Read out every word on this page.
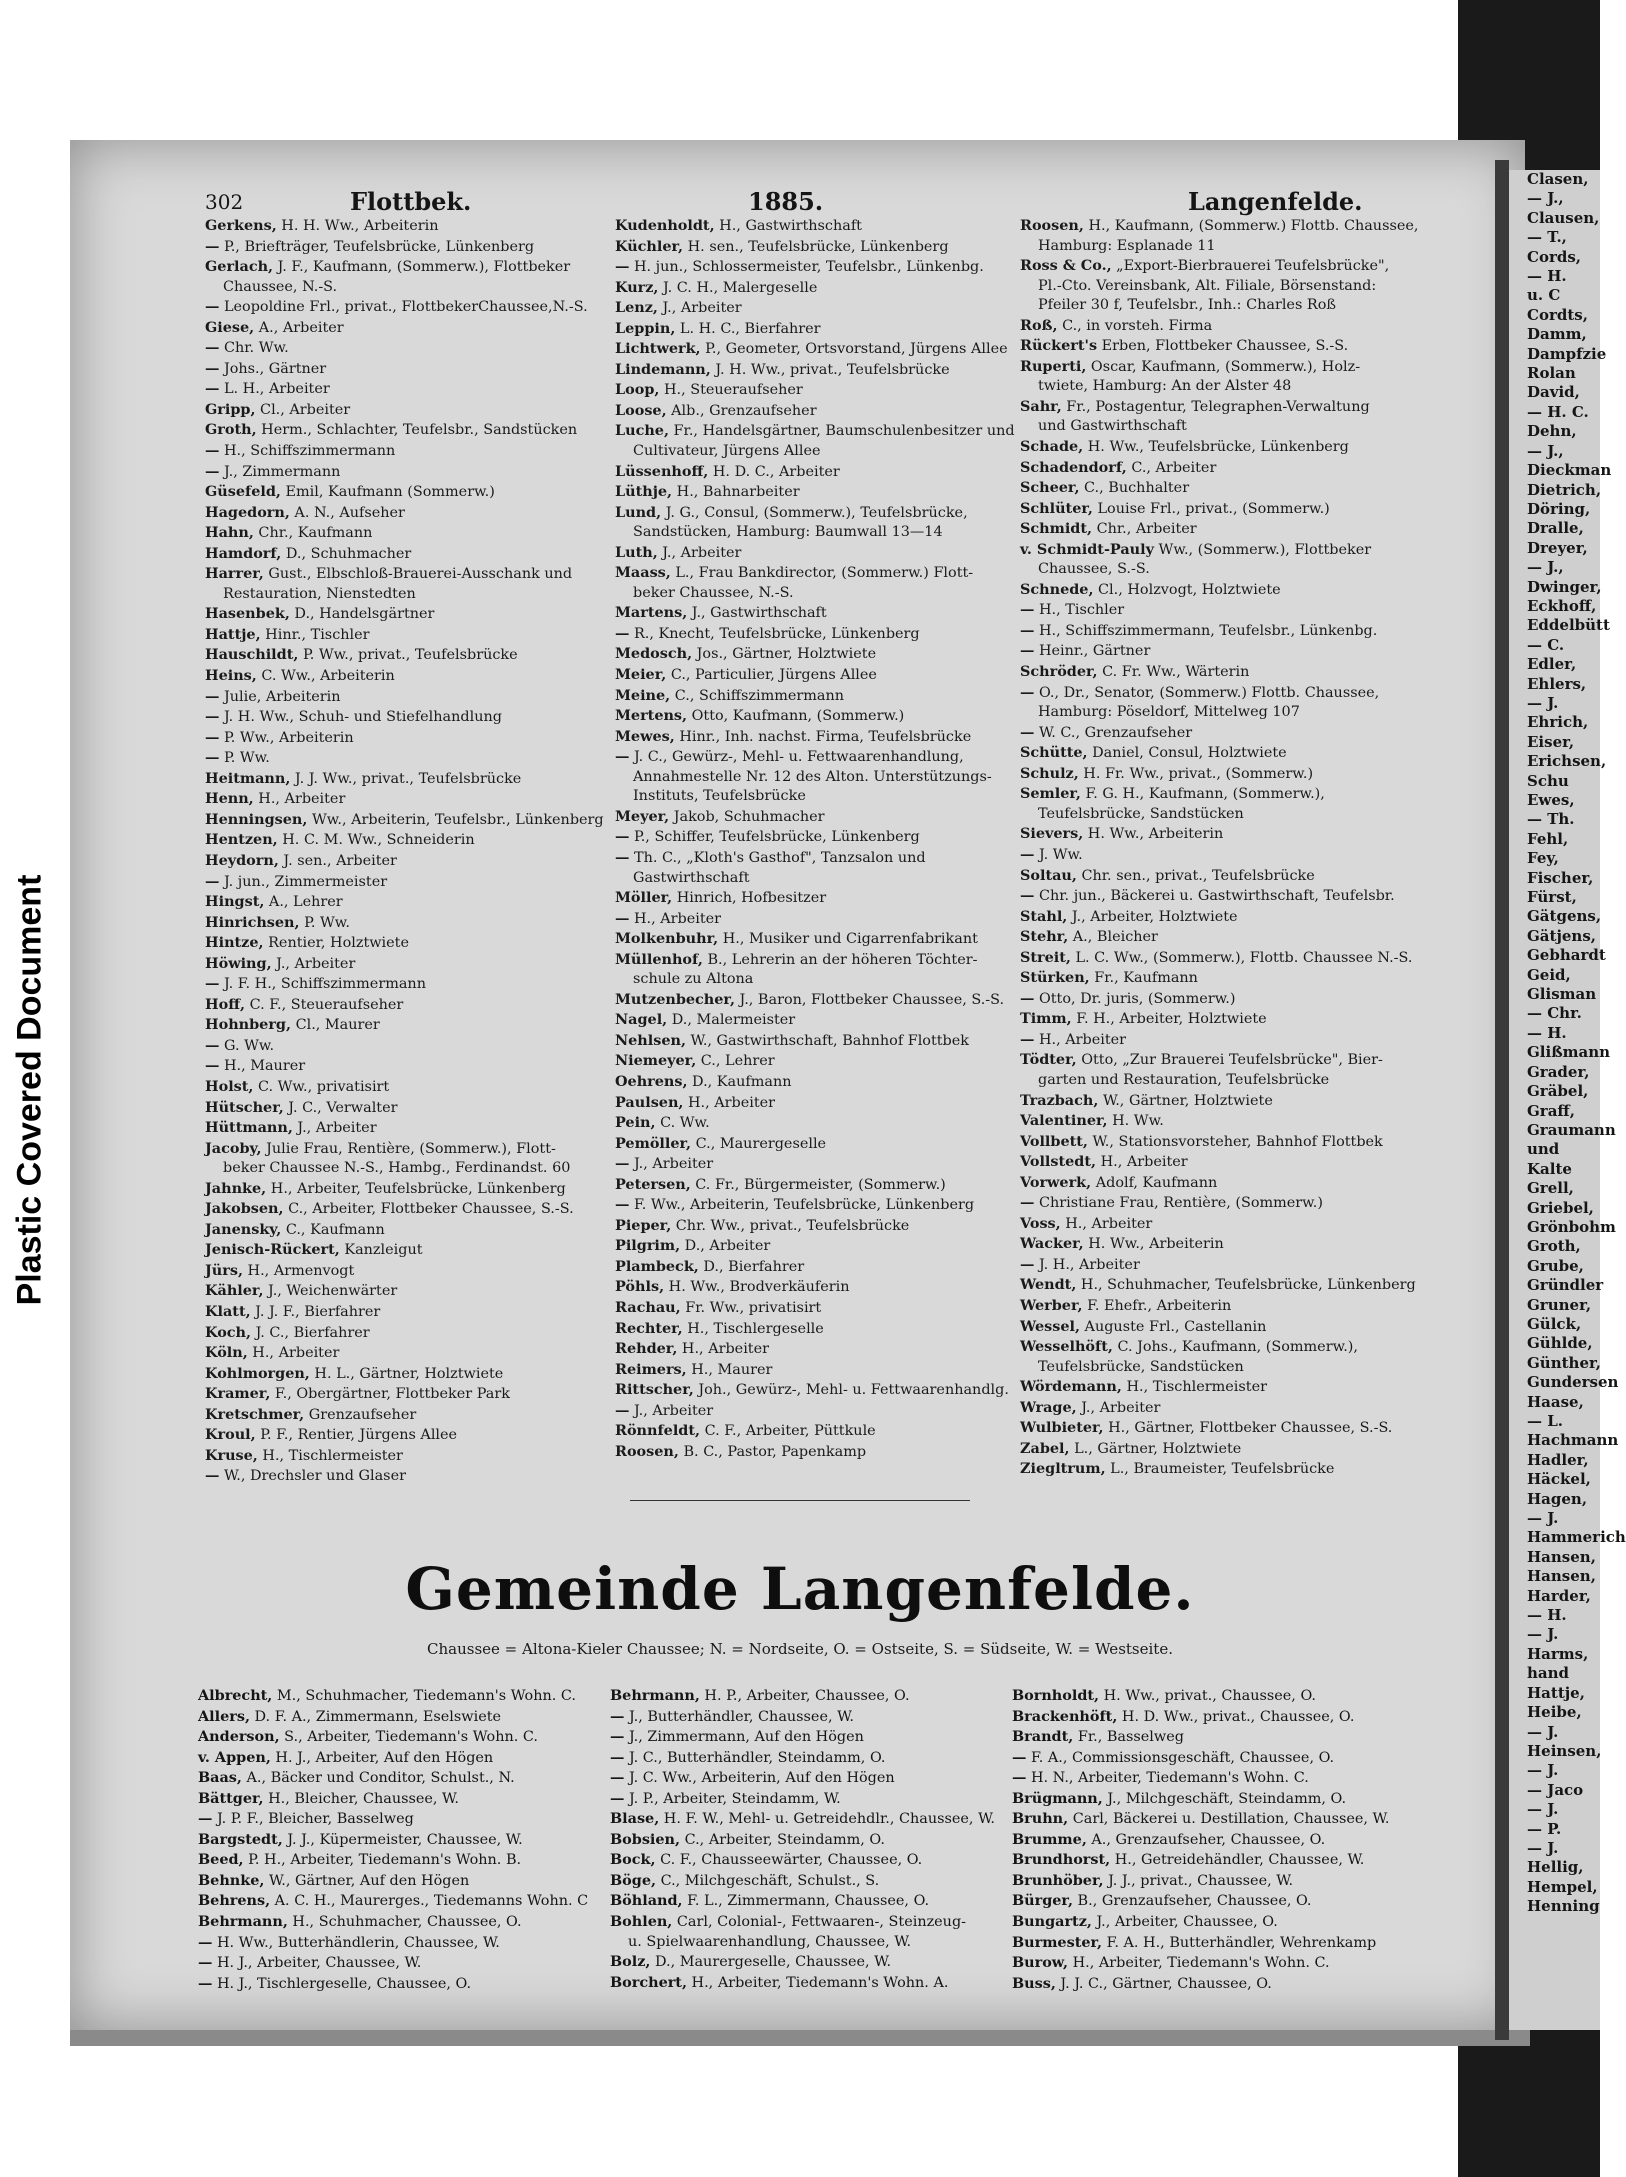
Plastic Covered Document
Clasen,
— J.,
Clausen,
— T.,
Cords,
— H.
u. C
Cordts,
Damm,
Dampfzie
Rolan
David,
— H. C.
Dehn,
— J.,
Dieckman
Dietrich,
Döring,
Dralle,
Dreyer,
— J.,
Dwinger,
Eckhoff,
Eddelbütt
— C.
Edler,
Ehlers,
— J.
Ehrich,
Eiser,
Erichsen,
Schu
Ewes,
— Th.
Fehl,
Fey,
Fischer,
Fürst,
Gätgens,
Gätjens,
Gebhardt
Geid,
Glisman
— Chr.
— H.
Glißmann
Grader,
Gräbel,
Graff,
Graumann
und
Kalte
Grell,
Griebel,
Grönbohm
Groth,
Grube,
Gründler
Gruner,
Gülck,
Gühlde,
Günther,
Gundersen
Haase,
— L.
Hachmann
Hadler,
Häckel,
Hagen,
— J.
Hammerich
Hansen,
Hansen,
Harder,
— H.
— J.
Harms,
hand
Hattje,
Heibe,
— J.
Heinsen,
— J.
— Jaco
— J.
— P.
— J.
Hellig,
Hempel,
Henning
302	Flottbek.	1885.	Langenfelde.
Gerkens, H. H. Ww., Arbeiterin
— P., Briefträger, Teufelsbrücke, Lünkenberg
Gerlach, J. F., Kaufmann, (Sommerw.), Flottbeker
Chaussee, N.-S.
— Leopoldine Frl., privat., FlottbekerChaussee,N.-S.
Giese, A., Arbeiter
— Chr. Ww.
— Johs., Gärtner
— L. H., Arbeiter
Gripp, Cl., Arbeiter
Groth, Herm., Schlachter, Teufelsbr., Sandstücken
— H., Schiffszimmermann
— J., Zimmermann
Güsefeld, Emil, Kaufmann (Sommerw.)
Hagedorn, A. N., Aufseher
Hahn, Chr., Kaufmann
Hamdorf, D., Schuhmacher
Harrer, Gust., Elbschloß-Brauerei-Ausschank und
Restauration, Nienstedten
Hasenbek, D., Handelsgärtner
Hattje, Hinr., Tischler
Hauschildt, P. Ww., privat., Teufelsbrücke
Heins, C. Ww., Arbeiterin
— Julie, Arbeiterin
— J. H. Ww., Schuh- und Stiefelhandlung
— P. Ww., Arbeiterin
— P. Ww.
Heitmann, J. J. Ww., privat., Teufelsbrücke
Henn, H., Arbeiter
Henningsen, Ww., Arbeiterin, Teufelsbr., Lünkenberg
Hentzen, H. C. M. Ww., Schneiderin
Heydorn, J. sen., Arbeiter
— J. jun., Zimmermeister
Hingst, A., Lehrer
Hinrichsen, P. Ww.
Hintze, Rentier, Holztwiete
Höwing, J., Arbeiter
— J. F. H., Schiffszimmermann
Hoff, C. F., Steueraufseher
Hohnberg, Cl., Maurer
— G. Ww.
— H., Maurer
Holst, C. Ww., privatisirt
Hütscher, J. C., Verwalter
Hüttmann, J., Arbeiter
Jacoby, Julie Frau, Rentière, (Sommerw.), Flott-
beker Chaussee N.-S., Hambg., Ferdinandst. 60
Jahnke, H., Arbeiter, Teufelsbrücke, Lünkenberg
Jakobsen, C., Arbeiter, Flottbeker Chaussee, S.-S.
Janensky, C., Kaufmann
Jenisch-Rückert, Kanzleigut
Jürs, H., Armenvogt
Kähler, J., Weichenwärter
Klatt, J. J. F., Bierfahrer
Koch, J. C., Bierfahrer
Köln, H., Arbeiter
Kohlmorgen, H. L., Gärtner, Holztwiete
Kramer, F., Obergärtner, Flottbeker Park
Kretschmer, Grenzaufseher
Kroul, P. F., Rentier, Jürgens Allee
Kruse, H., Tischlermeister
— W., Drechsler und Glaser
Kudenholdt, H., Gastwirthschaft
Küchler, H. sen., Teufelsbrücke, Lünkenberg
— H. jun., Schlossermeister, Teufelsbr., Lünkenbg.
Kurz, J. C. H., Malergeselle
Lenz, J., Arbeiter
Leppin, L. H. C., Bierfahrer
Lichtwerk, P., Geometer, Ortsvorstand, Jürgens Allee
Lindemann, J. H. Ww., privat., Teufelsbrücke
Loop, H., Steueraufseher
Loose, Alb., Grenzaufseher
Luche, Fr., Handelsgärtner, Baumschulenbesitzer und
Cultivateur, Jürgens Allee
Lüssenhoff, H. D. C., Arbeiter
Lüthje, H., Bahnarbeiter
Lund, J. G., Consul, (Sommerw.), Teufelsbrücke,
Sandstücken, Hamburg: Baumwall 13—14
Luth, J., Arbeiter
Maass, L., Frau Bankdirector, (Sommerw.) Flott-
beker Chaussee, N.-S.
Martens, J., Gastwirthschaft
— R., Knecht, Teufelsbrücke, Lünkenberg
Medosch, Jos., Gärtner, Holztwiete
Meier, C., Particulier, Jürgens Allee
Meine, C., Schiffszimmermann
Mertens, Otto, Kaufmann, (Sommerw.)
Mewes, Hinr., Inh. nachst. Firma, Teufelsbrücke
— J. C., Gewürz-, Mehl- u. Fettwaarenhandlung,
Annahmestelle Nr. 12 des Alton. Unterstützungs-
Instituts, Teufelsbrücke
Meyer, Jakob, Schuhmacher
— P., Schiffer, Teufelsbrücke, Lünkenberg
— Th. C., „Kloth's Gasthof", Tanzsalon und
Gastwirthschaft
Möller, Hinrich, Hofbesitzer
— H., Arbeiter
Molkenbuhr, H., Musiker und Cigarrenfabrikant
Müllenhof, B., Lehrerin an der höheren Töchter-
schule zu Altona
Mutzenbecher, J., Baron, Flottbeker Chaussee, S.-S.
Nagel, D., Malermeister
Nehlsen, W., Gastwirthschaft, Bahnhof Flottbek
Niemeyer, C., Lehrer
Oehrens, D., Kaufmann
Paulsen, H., Arbeiter
Pein, C. Ww.
Pemöller, C., Maurergeselle
— J., Arbeiter
Petersen, C. Fr., Bürgermeister, (Sommerw.)
— F. Ww., Arbeiterin, Teufelsbrücke, Lünkenberg
Pieper, Chr. Ww., privat., Teufelsbrücke
Pilgrim, D., Arbeiter
Plambeck, D., Bierfahrer
Pöhls, H. Ww., Brodverkäuferin
Rachau, Fr. Ww., privatisirt
Rechter, H., Tischlergeselle
Rehder, H., Arbeiter
Reimers, H., Maurer
Rittscher, Joh., Gewürz-, Mehl- u. Fettwaarenhandlg.
— J., Arbeiter
Rönnfeldt, C. F., Arbeiter, Püttkule
Roosen, B. C., Pastor, Papenkamp
Roosen, H., Kaufmann, (Sommerw.) Flottb. Chaussee,
Hamburg: Esplanade 11
Ross & Co., „Export-Bierbrauerei Teufelsbrücke",
Pl.-Cto. Vereinsbank, Alt. Filiale, Börsenstand:
Pfeiler 30 f, Teufelsbr., Inh.: Charles Roß
Roß, C., in vorsteh. Firma
Rückert's Erben, Flottbeker Chaussee, S.-S.
Ruperti, Oscar, Kaufmann, (Sommerw.), Holz-
twiete, Hamburg: An der Alster 48
Sahr, Fr., Postagentur, Telegraphen-Verwaltung
und Gastwirthschaft
Schade, H. Ww., Teufelsbrücke, Lünkenberg
Schadendorf, C., Arbeiter
Scheer, C., Buchhalter
Schlüter, Louise Frl., privat., (Sommerw.)
Schmidt, Chr., Arbeiter
v. Schmidt-Pauly Ww., (Sommerw.), Flottbeker
Chaussee, S.-S.
Schnede, Cl., Holzvogt, Holztwiete
— H., Tischler
— H., Schiffszimmermann, Teufelsbr., Lünkenbg.
— Heinr., Gärtner
Schröder, C. Fr. Ww., Wärterin
— O., Dr., Senator, (Sommerw.) Flottb. Chaussee,
Hamburg: Pöseldorf, Mittelweg 107
— W. C., Grenzaufseher
Schütte, Daniel, Consul, Holztwiete
Schulz, H. Fr. Ww., privat., (Sommerw.)
Semler, F. G. H., Kaufmann, (Sommerw.),
Teufelsbrücke, Sandstücken
Sievers, H. Ww., Arbeiterin
— J. Ww.
Soltau, Chr. sen., privat., Teufelsbrücke
— Chr. jun., Bäckerei u. Gastwirthschaft, Teufelsbr.
Stahl, J., Arbeiter, Holztwiete
Stehr, A., Bleicher
Streit, L. C. Ww., (Sommerw.), Flottb. Chaussee N.-S.
Stürken, Fr., Kaufmann
— Otto, Dr. juris, (Sommerw.)
Timm, F. H., Arbeiter, Holztwiete
— H., Arbeiter
Tödter, Otto, „Zur Brauerei Teufelsbrücke", Bier-
garten und Restauration, Teufelsbrücke
Trazbach, W., Gärtner, Holztwiete
Valentiner, H. Ww.
Vollbett, W., Stationsvorsteher, Bahnhof Flottbek
Vollstedt, H., Arbeiter
Vorwerk, Adolf, Kaufmann
— Christiane Frau, Rentière, (Sommerw.)
Voss, H., Arbeiter
Wacker, H. Ww., Arbeiterin
— J. H., Arbeiter
Wendt, H., Schuhmacher, Teufelsbrücke, Lünkenberg
Werber, F. Ehefr., Arbeiterin
Wessel, Auguste Frl., Castellanin
Wesselhöft, C. Johs., Kaufmann, (Sommerw.),
Teufelsbrücke, Sandstücken
Wördemann, H., Tischlermeister
Wrage, J., Arbeiter
Wulbieter, H., Gärtner, Flottbeker Chaussee, S.-S.
Zabel, L., Gärtner, Holztwiete
Ziegltrum, L., Braumeister, Teufelsbrücke
Gemeinde Langenfelde.
Chaussee = Altona-Kieler Chaussee; N. = Nordseite, O. = Ostseite, S. = Südseite, W. = Westseite.
Albrecht, M., Schuhmacher, Tiedemann's Wohn. C.
Allers, D. F. A., Zimmermann, Eselswiete
Anderson, S., Arbeiter, Tiedemann's Wohn. C.
v. Appen, H. J., Arbeiter, Auf den Högen
Baas, A., Bäcker und Conditor, Schulst., N.
Bättger, H., Bleicher, Chaussee, W.
— J. P. F., Bleicher, Basselweg
Bargstedt, J. J., Küpermeister, Chaussee, W.
Beed, P. H., Arbeiter, Tiedemann's Wohn. B.
Behnke, W., Gärtner, Auf den Högen
Behrens, A. C. H., Maurerges., Tiedemanns Wohn. C
Behrmann, H., Schuhmacher, Chaussee, O.
— H. Ww., Butterhändlerin, Chaussee, W.
— H. J., Arbeiter, Chaussee, W.
— H. J., Tischlergeselle, Chaussee, O.
Behrmann, H. P., Arbeiter, Chaussee, O.
— J., Butterhändler, Chaussee, W.
— J., Zimmermann, Auf den Högen
— J. C., Butterhändler, Steindamm, O.
— J. C. Ww., Arbeiterin, Auf den Högen
— J. P., Arbeiter, Steindamm, W.
Blase, H. F. W., Mehl- u. Getreidehdlr., Chaussee, W.
Bobsien, C., Arbeiter, Steindamm, O.
Bock, C. F., Chausseewärter, Chaussee, O.
Böge, C., Milchgeschäft, Schulst., S.
Böhland, F. L., Zimmermann, Chaussee, O.
Bohlen, Carl, Colonial-, Fettwaaren-, Steinzeug-
u. Spielwaarenhandlung, Chaussee, W.
Bolz, D., Maurergeselle, Chaussee, W.
Borchert, H., Arbeiter, Tiedemann's Wohn. A.
Bornholdt, H. Ww., privat., Chaussee, O.
Brackenhöft, H. D. Ww., privat., Chaussee, O.
Brandt, Fr., Basselweg
— F. A., Commissionsgeschäft, Chaussee, O.
— H. N., Arbeiter, Tiedemann's Wohn. C.
Brügmann, J., Milchgeschäft, Steindamm, O.
Bruhn, Carl, Bäckerei u. Destillation, Chaussee, W.
Brumme, A., Grenzaufseher, Chaussee, O.
Brundhorst, H., Getreidehändler, Chaussee, W.
Brunhöber, J. J., privat., Chaussee, W.
Bürger, B., Grenzaufseher, Chaussee, O.
Bungartz, J., Arbeiter, Chaussee, O.
Burmester, F. A. H., Butterhändler, Wehrenkamp
Burow, H., Arbeiter, Tiedemann's Wohn. C.
Buss, J. J. C., Gärtner, Chaussee, O.
